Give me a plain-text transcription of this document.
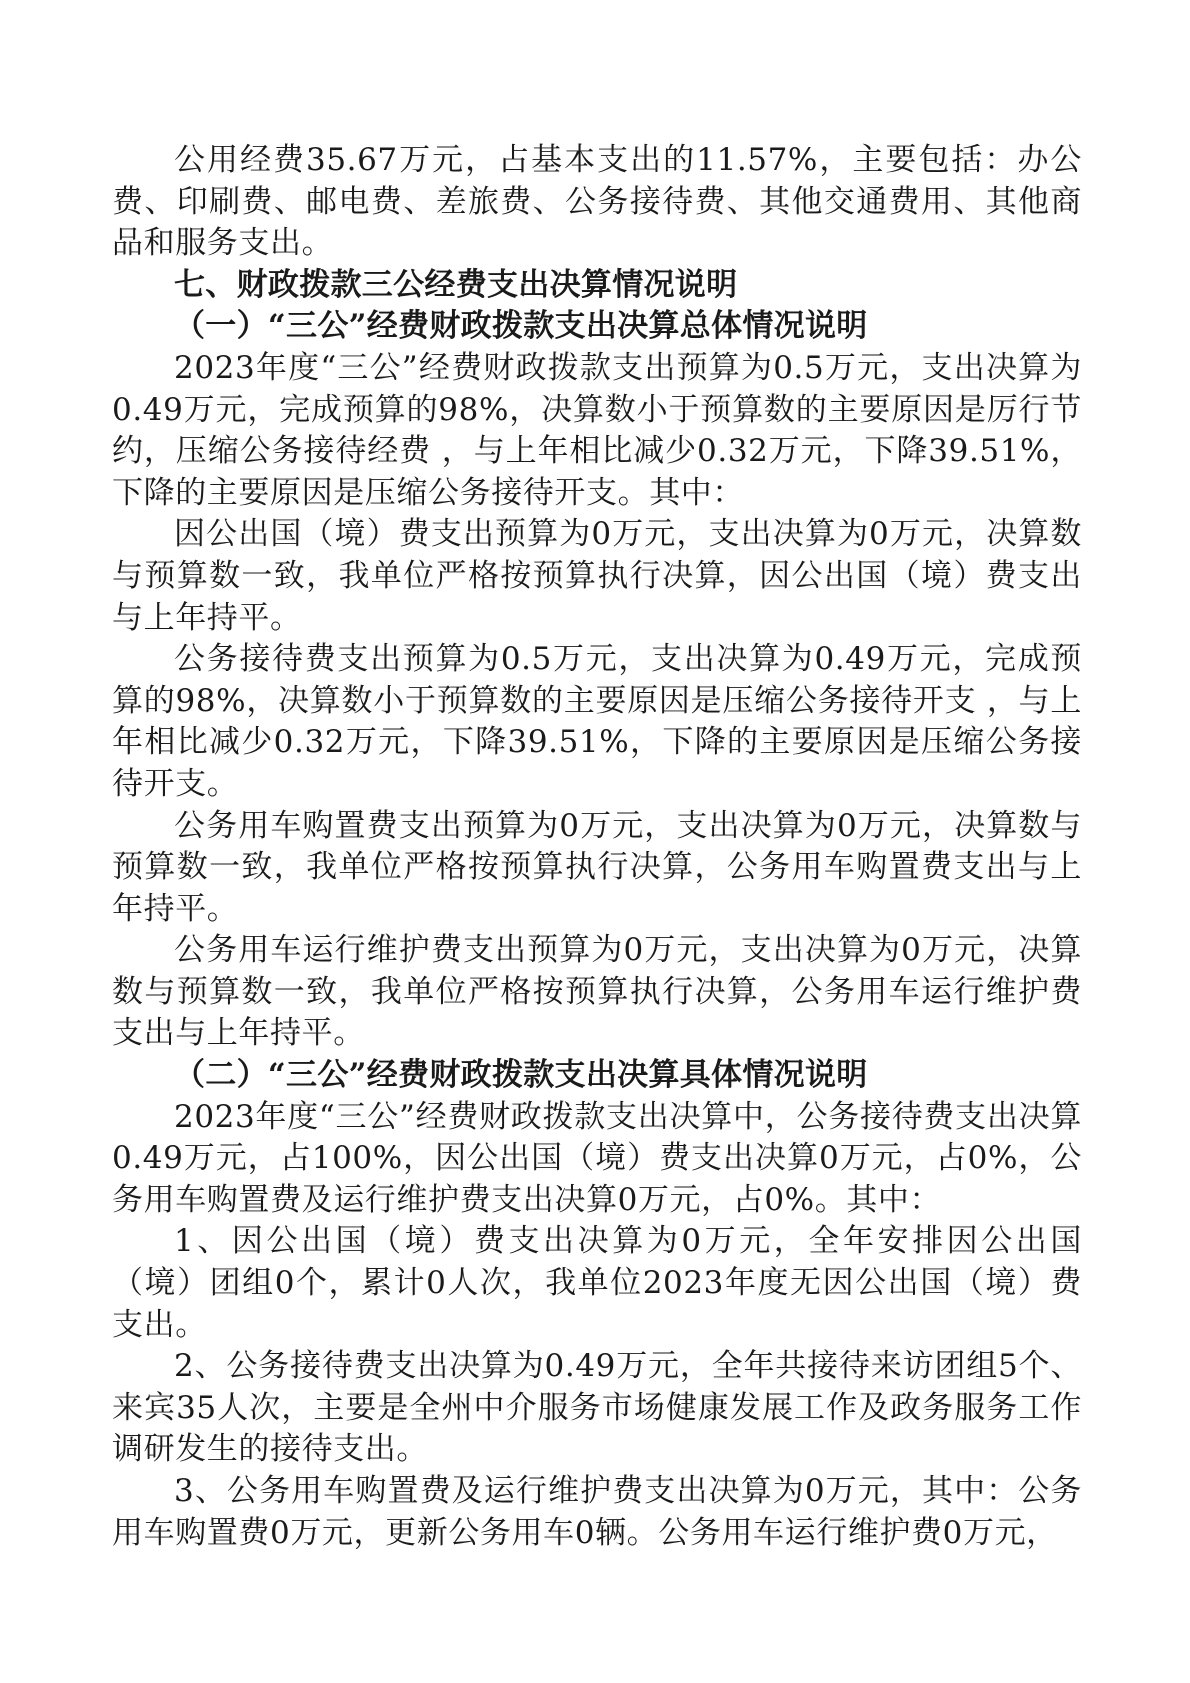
公用经费35.67万元，占基本支出的11.57%，主要包括：办公费、印刷费、邮电费、差旅费、公务接待费、其他交通费用、其他商品和服务支出。

七、财政拨款三公经费支出决算情况说明

（一）“三公”经费财政拨款支出决算总体情况说明

2023年度“三公”经费财政拨款支出预算为0.5万元，支出决算为0.49万元，完成预算的98%，决算数小于预算数的主要原因是厉行节约，压缩公务接待经费 ，与上年相比减少0.32万元，下降39.51%，下降的主要原因是压缩公务接待开支。其中：

因公出国（境）费支出预算为0万元，支出决算为0万元，决算数与预算数一致，我单位严格按预算执行决算，因公出国（境）费支出与上年持平。

公务接待费支出预算为0.5万元，支出决算为0.49万元，完成预算的98%，决算数小于预算数的主要原因是压缩公务接待开支 ，与上年相比减少0.32万元，下降39.51%，下降的主要原因是压缩公务接待开支。

公务用车购置费支出预算为0万元，支出决算为0万元，决算数与预算数一致，我单位严格按预算执行决算，公务用车购置费支出与上年持平。

公务用车运行维护费支出预算为0万元，支出决算为0万元，决算数与预算数一致，我单位严格按预算执行决算，公务用车运行维护费支出与上年持平。

（二）“三公”经费财政拨款支出决算具体情况说明

2023年度“三公”经费财政拨款支出决算中，公务接待费支出决算0.49万元，占100%，因公出国（境）费支出决算0万元，占0%，公务用车购置费及运行维护费支出决算0万元，占0%。其中：

1、因公出国（境）费支出决算为0万元，全年安排因公出国（境）团组0个，累计0人次，我单位2023年度无因公出国（境）费支出。

2、公务接待费支出决算为0.49万元，全年共接待来访团组5个、来宾35人次，主要是全州中介服务市场健康发展工作及政务服务工作调研发生的接待支出。

3、公务用车购置费及运行维护费支出决算为0万元，其中：公务用车购置费0万元，更新公务用车0辆。公务用车运行维护费0万元，
